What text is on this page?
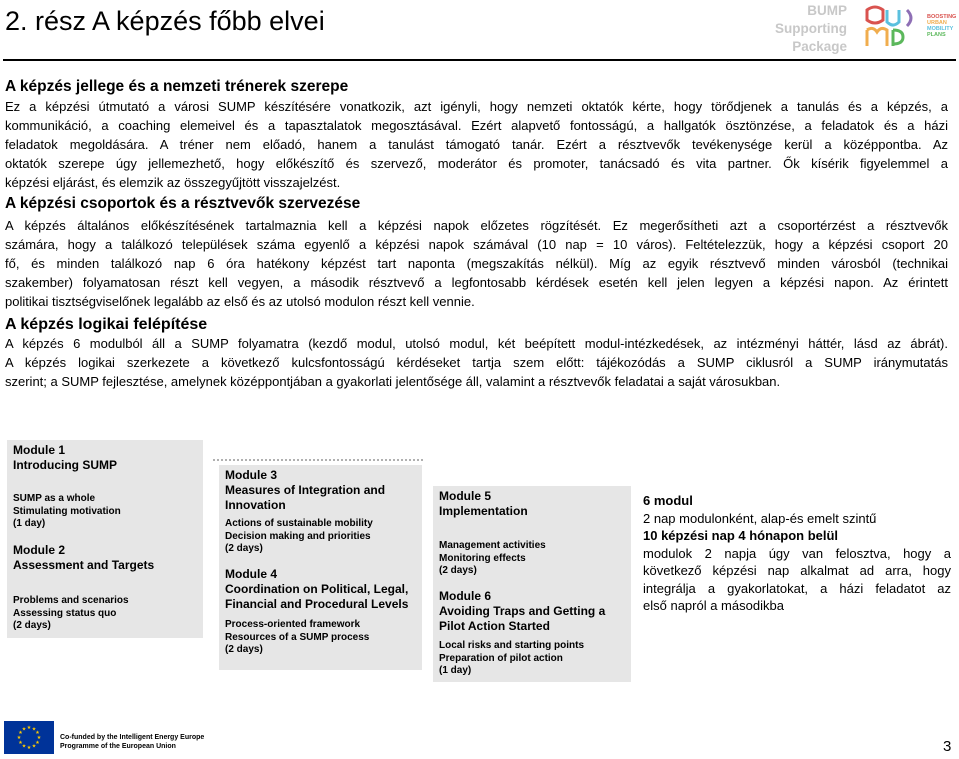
2. rész A képzés főbb elvei	BUMP
Supporting
Package
BOOSTING
URBAN
MOBILITY
PLANS
A képzés jellege és a nemzeti trénerek szerepe
Ez a képzési útmutató a városi SUMP készítésére vonatkozik, azt igényli, hogy nemzeti oktatók kérte, hogy törődjenek a tanulás és a képzés, a
kommunikáció, a coaching elemeivel és a tapasztalatok megosztásával. Ezért alapvető fontosságú, a hallgatók ösztönzése, a feladatok és a házi
feladatok megoldására. A tréner nem előadó, hanem a tanulást támogató tanár. Ezért a résztvevők tevékenysége kerül a középpontba. Az
oktatók szerepe úgy jellemezhető, hogy előkészítő és szervező, moderátor és promoter, tanácsadó és vita partner. Ők kísérik figyelemmel a
képzési eljárást, és elemzik az összegyűjtött visszajelzést.
A képzési csoportok és a résztvevők szervezése
A képzés általános előkészítésének tartalmaznia kell a képzési napok előzetes rögzítését. Ez megerősítheti azt a csoportérzést a résztvevők
számára, hogy a találkozó települések száma egyenlő a képzési napok számával (10 nap = 10 város). Feltételezzük, hogy a képzési csoport 20
fő, és minden találkozó nap 6 óra hatékony képzést tart naponta (megszakítás nélkül). Míg az egyik résztvevő minden városból (technikai
szakember) folyamatosan részt kell vegyen, a második résztvevő a legfontosabb kérdések esetén kell jelen legyen a képzési napon. Az érintett
politikai tisztségviselőnek legalább az első és az utolsó modulon részt kell vennie.
A képzés logikai felépítése
A képzés 6 modulból áll a SUMP folyamatra (kezdő modul, utolsó modul, két beépített modul-intézkedések, az intézményi háttér, lásd az ábrát).
A képzés logikai szerkezete a következő kulcsfontosságú kérdéseket tartja szem előtt: tájékozódás a SUMP ciklusról a SUMP iránymutatás
szerint; a SUMP fejlesztése, amelynek középpontjában a gyakorlati jelentősége áll, valamint a résztvevők feladatai a saját városukban.
Module 1
Introducing SUMP
SUMP as a whole
Stimulating motivation
(1 day)
Module 2
Assessment and Targets
Problems and scenarios
Assessing status quo
(2 days)
Module 3
Measures of Integration and
Innovation
Actions of sustainable mobility
Decision making and priorities
(2 days)
Module 4
Coordination on Political, Legal,
Financial and Procedural Levels
Process-oriented framework
Resources of a SUMP process
(2 days)
Module 5
Implementation
Management activities
Monitoring effects
(2 days)
Module 6
Avoiding Traps and Getting a
Pilot Action Started
Local risks and starting points
Preparation of pilot action
(1 day)
6 modul
2 nap modulonként, alap-és emelt szintű
10 képzési nap 4 hónapon belül
modulok 2 napja úgy van felosztva, hogy a
következő képzési nap alkalmat ad arra, hogy
integrálja a gyakorlatokat, a házi feladatot az
első napról a másodikba
★ ★
★
★
★
★
★
★
★
★
★
★
Co-funded by the Intelligent Energy Europe
Programme of the European Union	3
